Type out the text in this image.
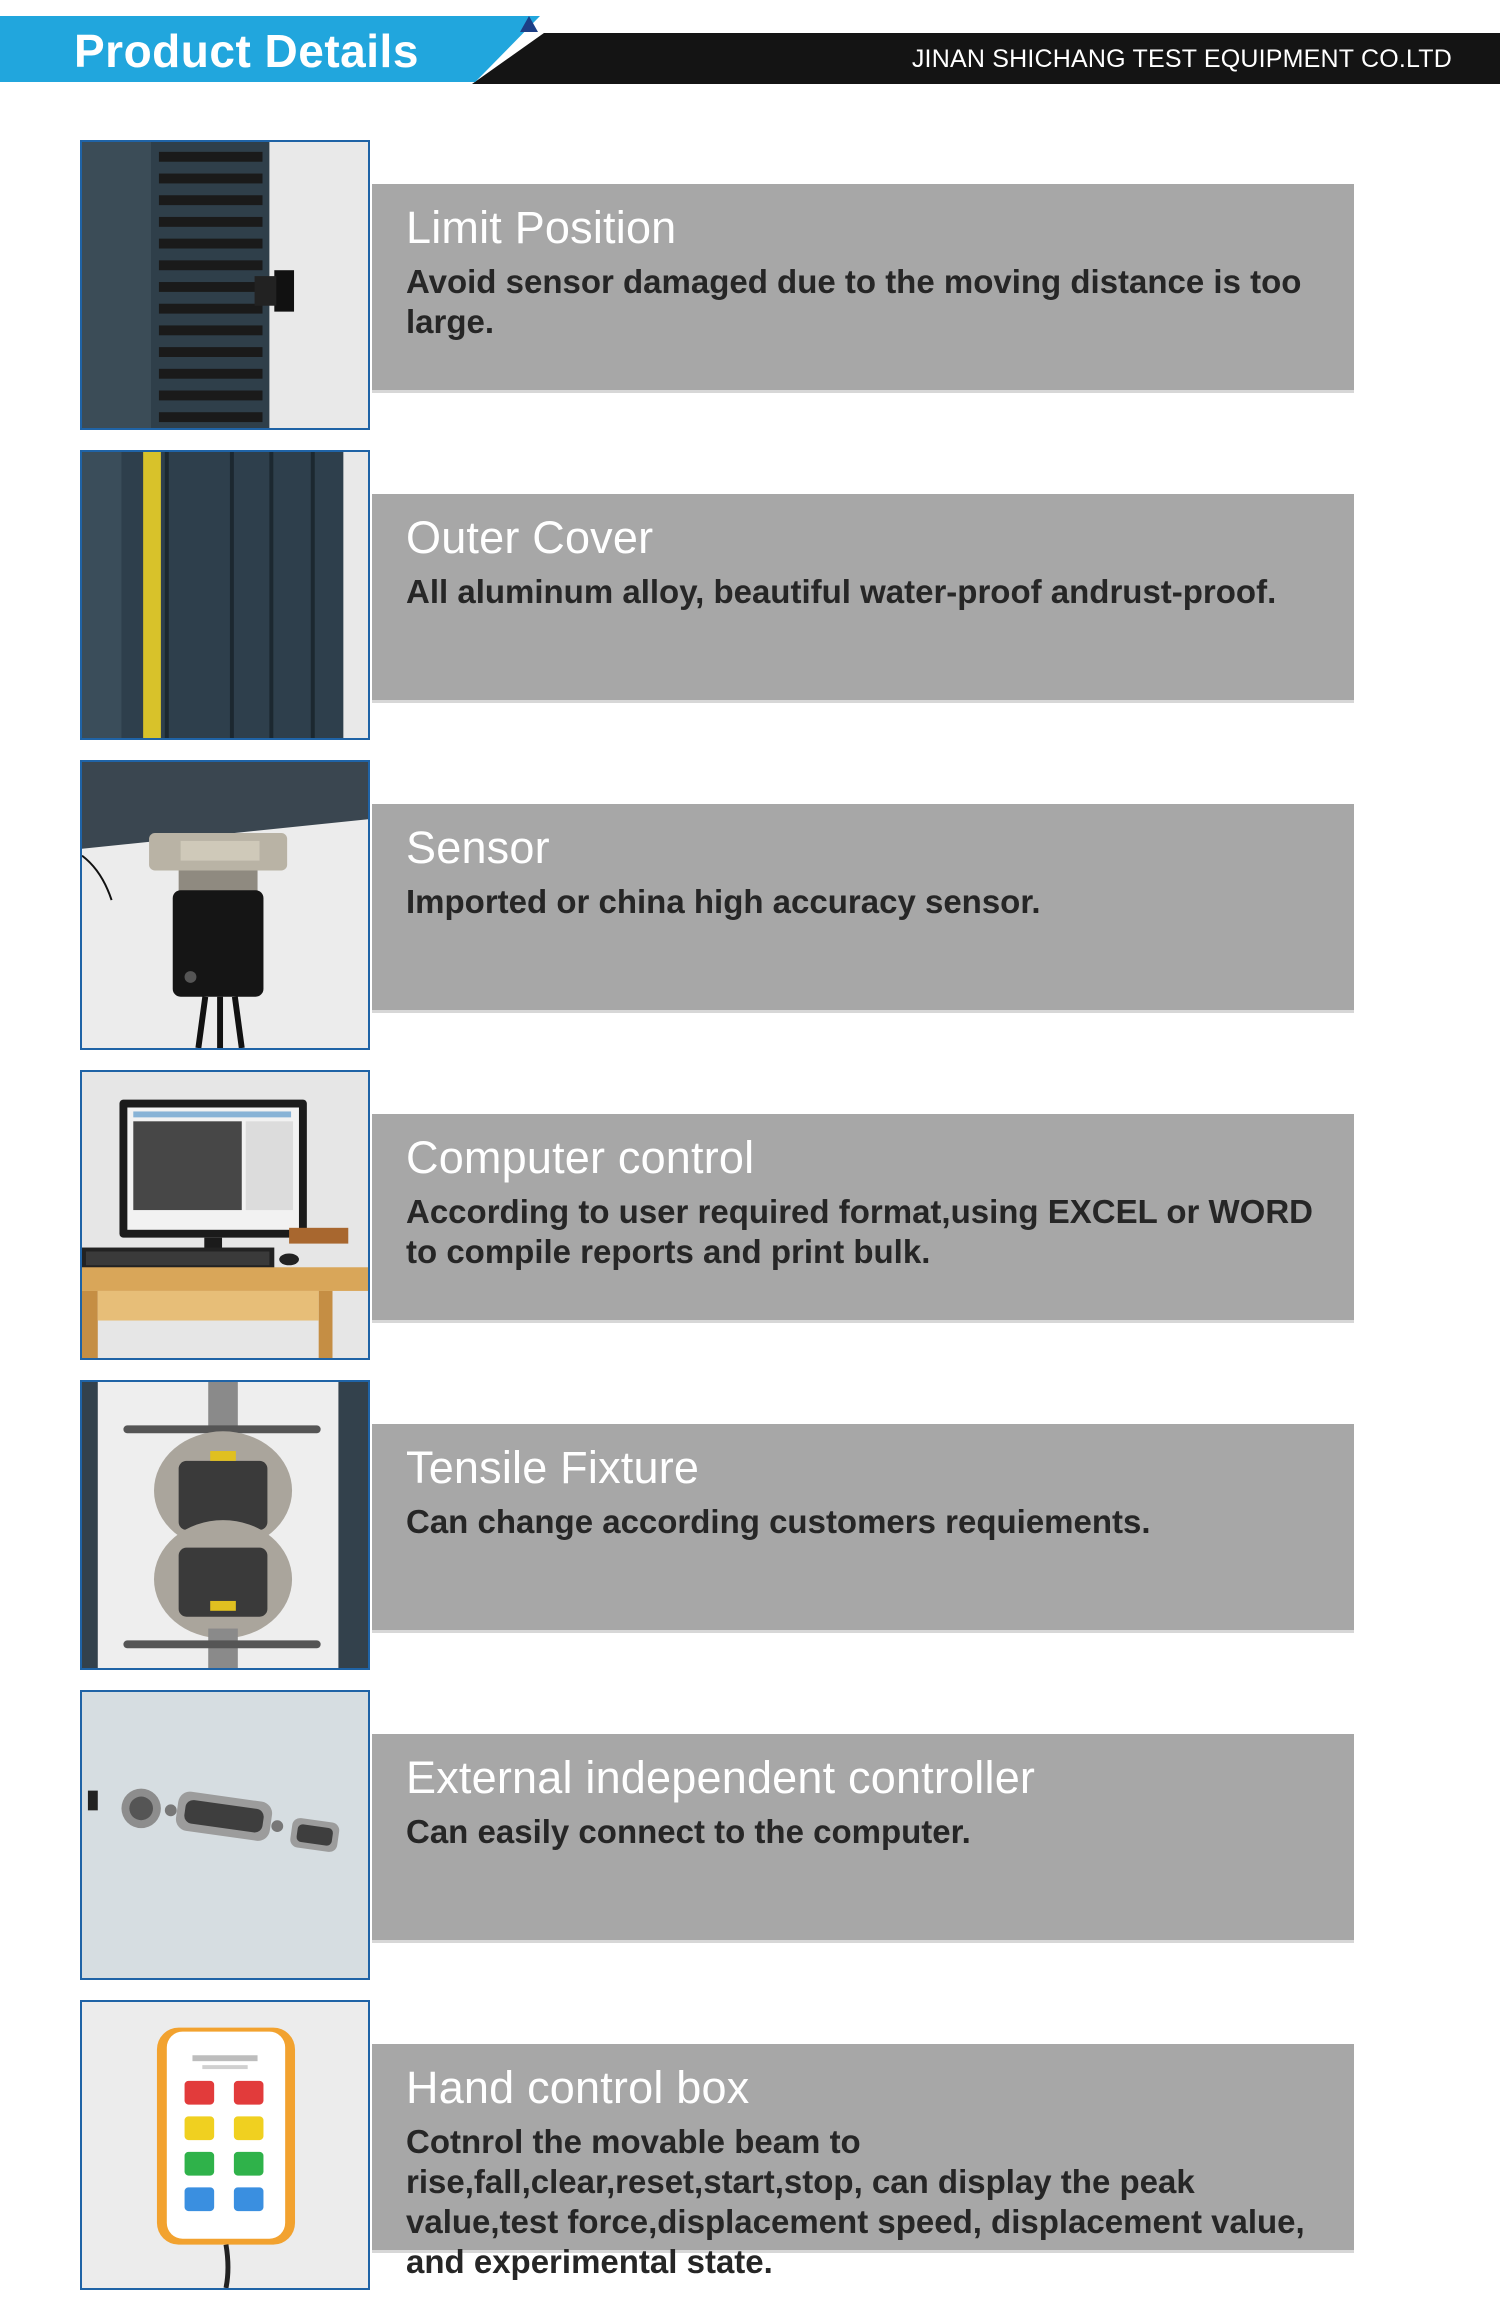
Product Details	JINAN SHICHANG TEST EQUIPMENT CO.LTD
Limit Position
Avoid sensor damaged due to the moving distance is too large.
Outer Cover
All aluminum alloy, beautiful water-proof andrust-proof.
Sensor
Imported or china high accuracy sensor.
Computer control
According to user required format,using EXCEL or WORD to compile reports and print bulk.
Tensile Fixture
Can change according customers requiements.
External independent controller
Can easily connect to the computer.
Hand control box
Cotnrol the movable beam to rise,fall,clear,reset,start,stop, can display the peak value,test force,displacement speed, displacement value, and experimental state.
